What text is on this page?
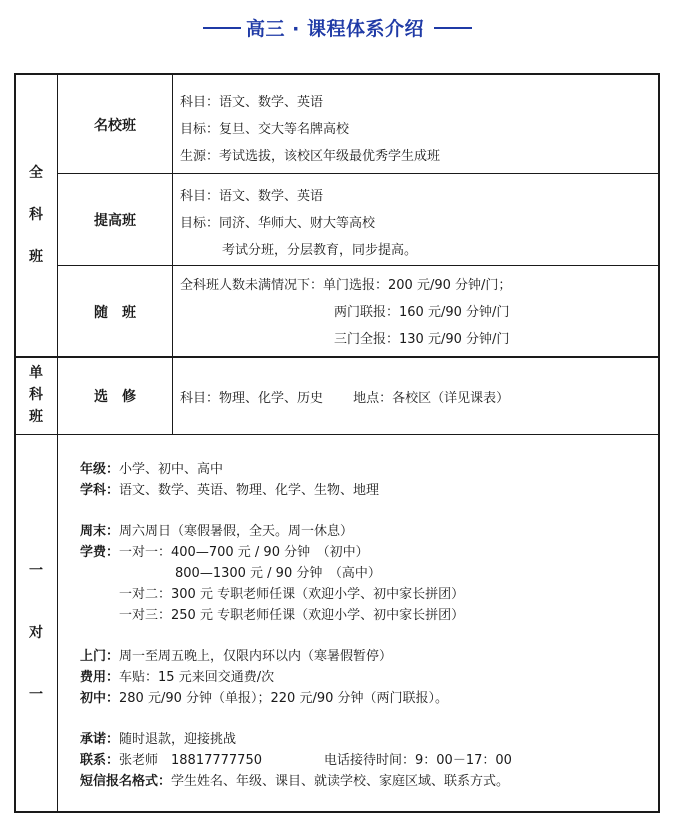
高三 · 课程体系介绍
全
科
班
单
科
班
一
对
一
名校班
提高班
随　班
选　修
科目：语文、数学、英语
目标：复旦、交大等名牌高校
生源：考试选拔，该校区年级最优秀学生成班
科目：语文、数学、英语
目标：同济、华师大、财大等高校
考试分班，分层教育，同步提高。
全科班人数未满情况下：单门选报：200 元/90 分钟/门；
两门联报：160 元/90 分钟/门
三门全报：130 元/90 分钟/门
科目：物理、化学、历史　　 地点：各校区（详见课表）
年级：小学、初中、高中
学科：语文、数学、英语、物理、化学、生物、地理
周末：周六周日（寒假暑假，全天。周一休息）
学费：一对一：400—700 元 / 90 分钟　（初中）
800—1300 元 / 90 分钟　（高中）
一对二：300 元 专职老师任课（欢迎小学、初中家长拼团）
一对三：250 元 专职老师任课（欢迎小学、初中家长拼团）
上门：周一至周五晚上，仅限内环以内（寒暑假暂停）
费用：车贴：15 元来回交通费/次
初中：280 元/90 分钟（单报）；220 元/90 分钟（两门联报）。
承诺：随时退款，迎接挑战
联系：张老师　18817777750	电话接待时间：9：00－17：00
短信报名格式：学生姓名、年级、课目、就读学校、家庭区域、联系方式。
